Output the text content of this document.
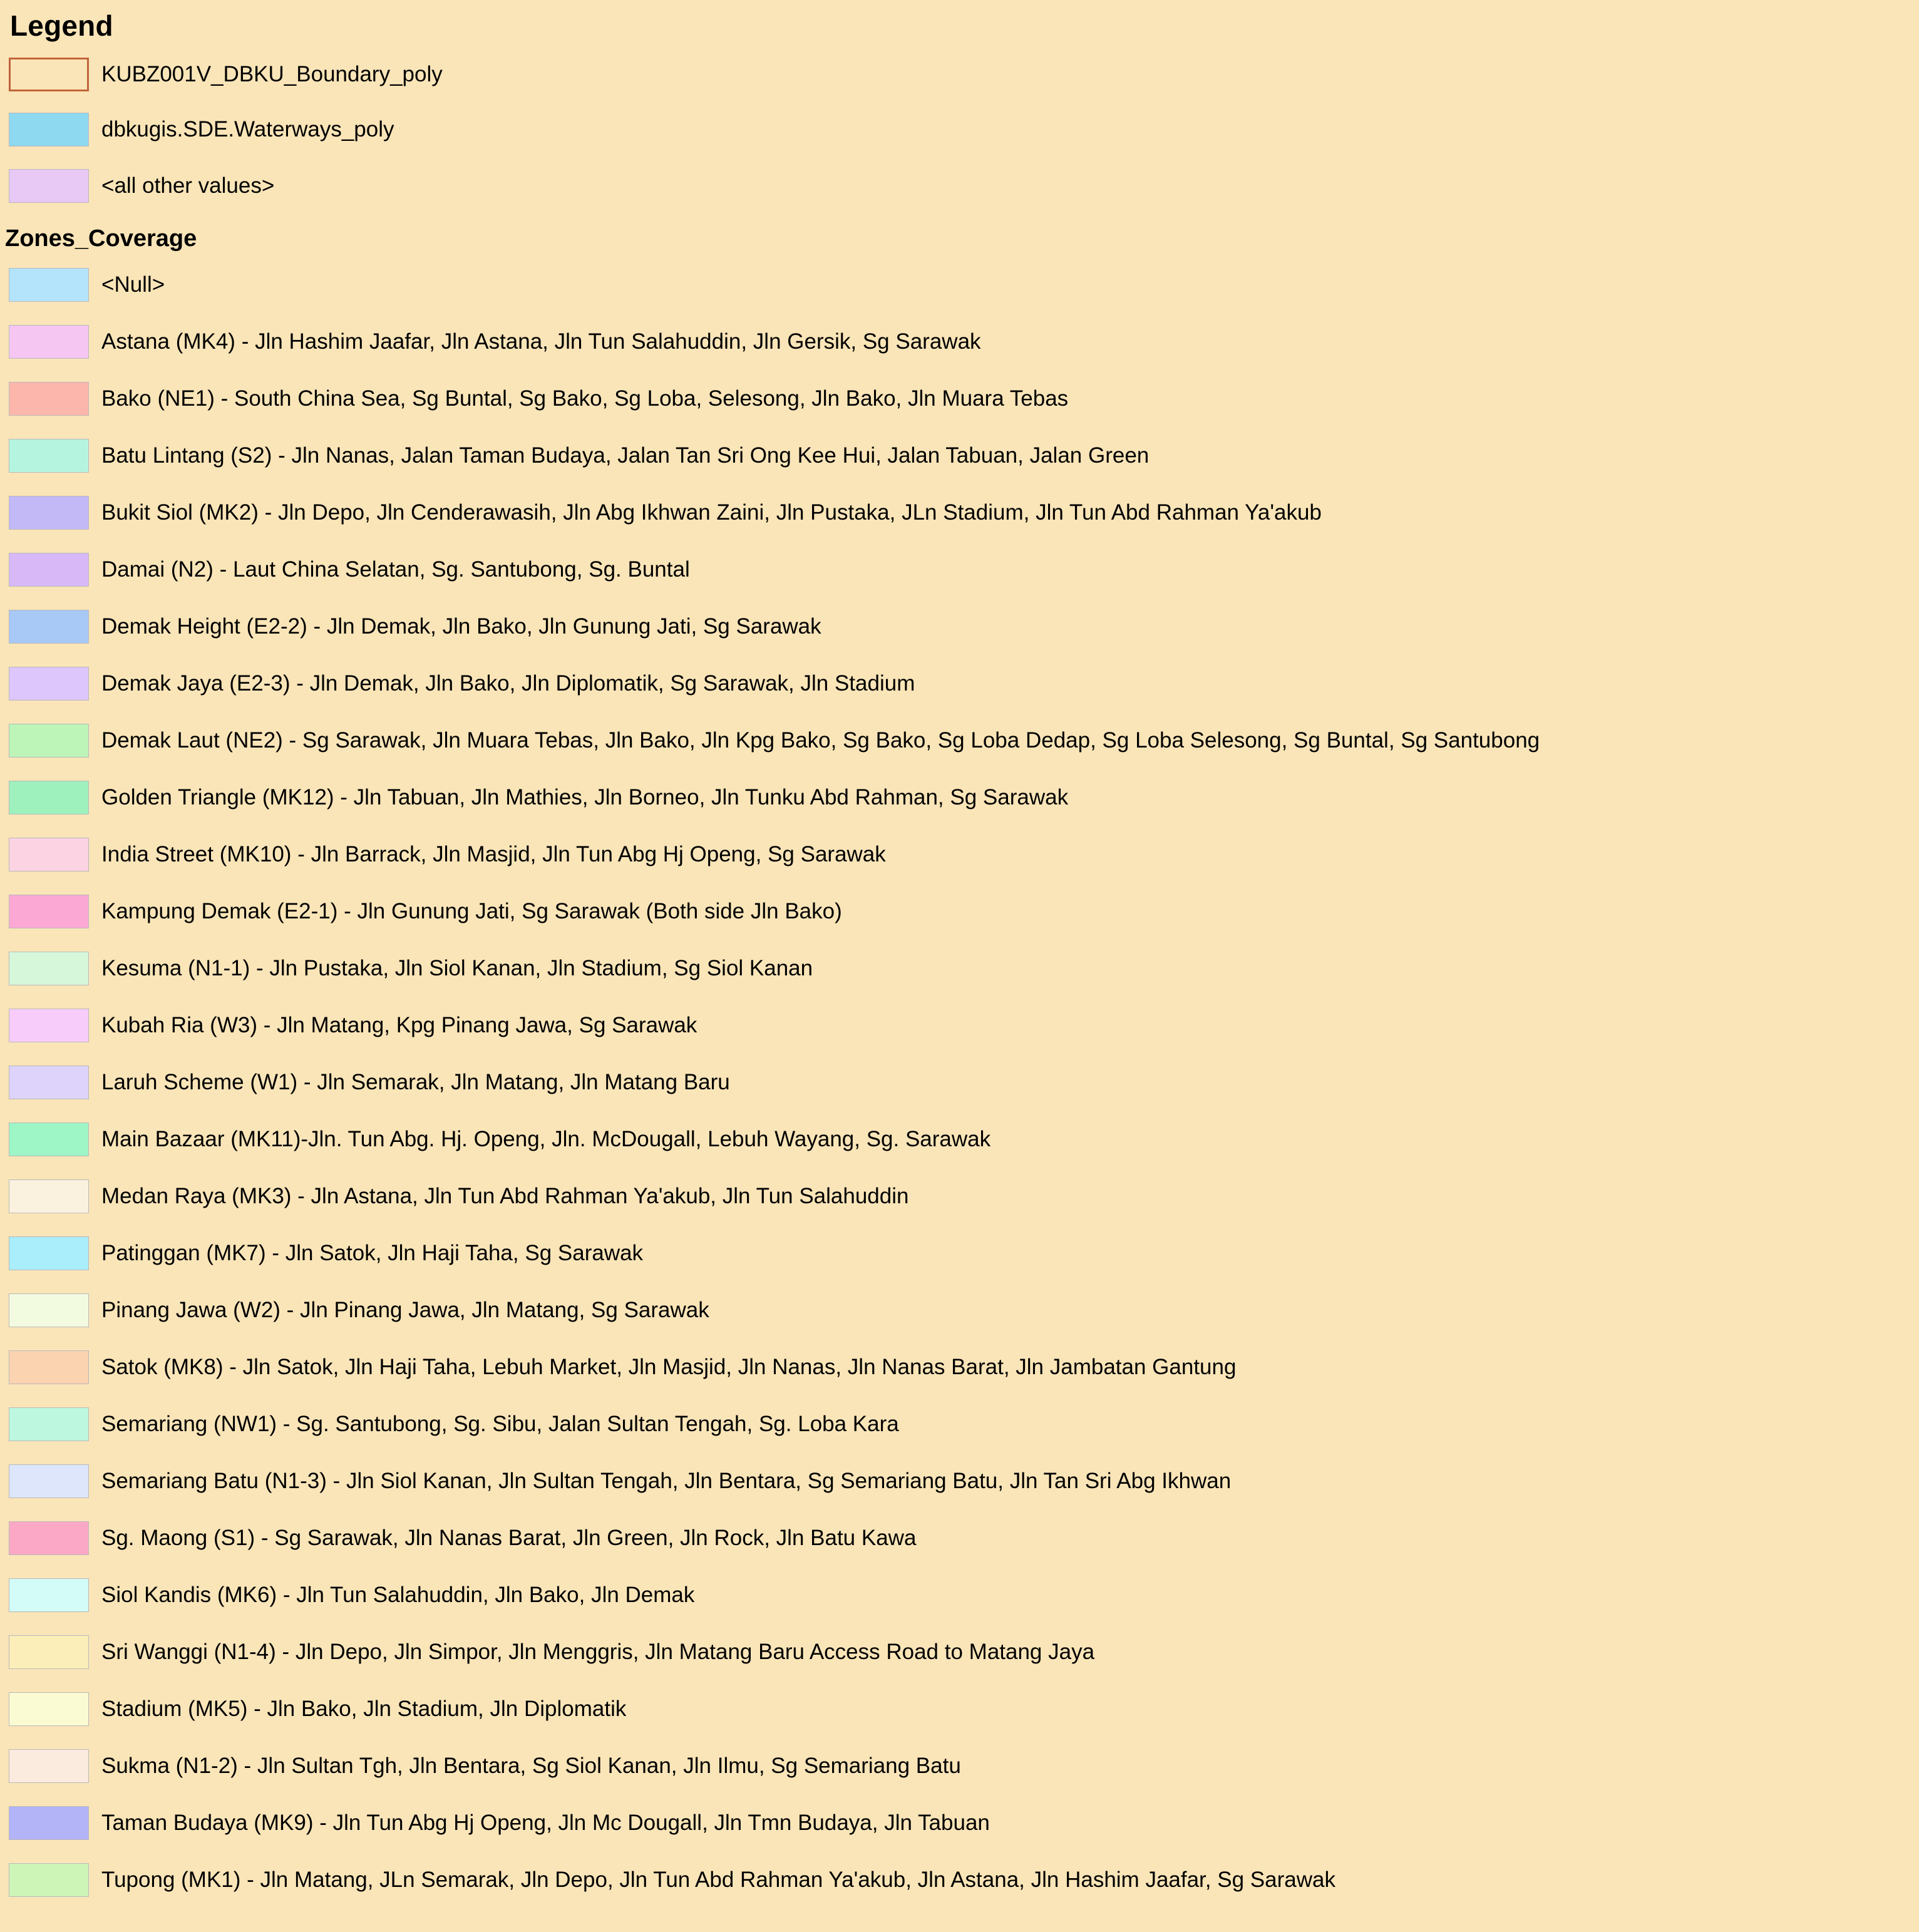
Legend
KUBZ001V_DBKU_Boundary_poly
dbkugis.SDE.Waterways_poly
<all other values>
Zones_Coverage
<Null>
Astana (MK4) - Jln Hashim Jaafar, Jln Astana, Jln Tun Salahuddin, Jln Gersik, Sg Sarawak
Bako (NE1) - South China Sea, Sg Buntal, Sg Bako, Sg Loba, Selesong, Jln Bako, Jln Muara Tebas
Batu Lintang (S2) - Jln Nanas, Jalan Taman Budaya, Jalan Tan Sri Ong Kee Hui, Jalan Tabuan, Jalan Green
Bukit Siol (MK2) - Jln Depo, Jln Cenderawasih, Jln Abg Ikhwan Zaini, Jln Pustaka, JLn Stadium, Jln Tun Abd Rahman Ya'akub
Damai (N2) - Laut China Selatan, Sg. Santubong, Sg. Buntal
Demak Height (E2-2) - Jln Demak, Jln Bako, Jln Gunung Jati, Sg Sarawak
Demak Jaya (E2-3) - Jln Demak, Jln Bako, Jln Diplomatik, Sg Sarawak, Jln Stadium
Demak Laut (NE2) - Sg Sarawak, Jln Muara Tebas, Jln Bako, Jln Kpg Bako, Sg Bako, Sg Loba Dedap, Sg Loba Selesong, Sg Buntal, Sg Santubong
Golden Triangle (MK12) - Jln Tabuan, Jln Mathies, Jln Borneo, Jln Tunku Abd Rahman, Sg Sarawak
India Street (MK10) - Jln Barrack, Jln Masjid, Jln Tun Abg Hj Openg, Sg Sarawak
Kampung Demak (E2-1) - Jln Gunung Jati, Sg Sarawak (Both side Jln Bako)
Kesuma (N1-1) - Jln Pustaka, Jln Siol Kanan, Jln Stadium, Sg Siol Kanan
Kubah Ria (W3) - Jln Matang, Kpg Pinang Jawa, Sg Sarawak
Laruh Scheme (W1) - Jln Semarak, Jln Matang, Jln Matang Baru
Main Bazaar (MK11)-Jln. Tun Abg. Hj. Openg, Jln. McDougall, Lebuh Wayang, Sg. Sarawak
Medan Raya (MK3) - Jln Astana, Jln Tun Abd Rahman Ya'akub, Jln Tun Salahuddin
Patinggan (MK7) - Jln Satok, Jln Haji Taha, Sg Sarawak
Pinang Jawa (W2) - Jln Pinang Jawa, Jln Matang, Sg Sarawak
Satok (MK8) - Jln Satok, Jln Haji Taha, Lebuh Market, Jln Masjid, Jln Nanas, Jln Nanas Barat, Jln Jambatan Gantung
Semariang (NW1) - Sg. Santubong, Sg. Sibu, Jalan Sultan Tengah, Sg. Loba Kara
Semariang Batu (N1-3) - Jln Siol Kanan, Jln Sultan Tengah, Jln Bentara, Sg Semariang Batu, Jln Tan Sri Abg Ikhwan
Sg. Maong (S1) - Sg Sarawak, Jln Nanas Barat, Jln Green, Jln Rock, Jln Batu Kawa
Siol Kandis (MK6) - Jln Tun Salahuddin, Jln Bako, Jln Demak
Sri Wanggi (N1-4) - Jln Depo, Jln Simpor, Jln Menggris, Jln Matang Baru Access Road to Matang Jaya
Stadium (MK5) - Jln Bako, Jln Stadium, Jln Diplomatik
Sukma (N1-2) - Jln Sultan Tgh, Jln Bentara, Sg Siol Kanan, Jln Ilmu, Sg Semariang Batu
Taman Budaya (MK9) - Jln Tun Abg Hj Openg, Jln Mc Dougall, Jln Tmn Budaya, Jln Tabuan
Tupong (MK1) - Jln Matang, JLn Semarak, Jln Depo, Jln Tun Abd Rahman Ya'akub, Jln Astana, Jln Hashim Jaafar, Sg Sarawak
